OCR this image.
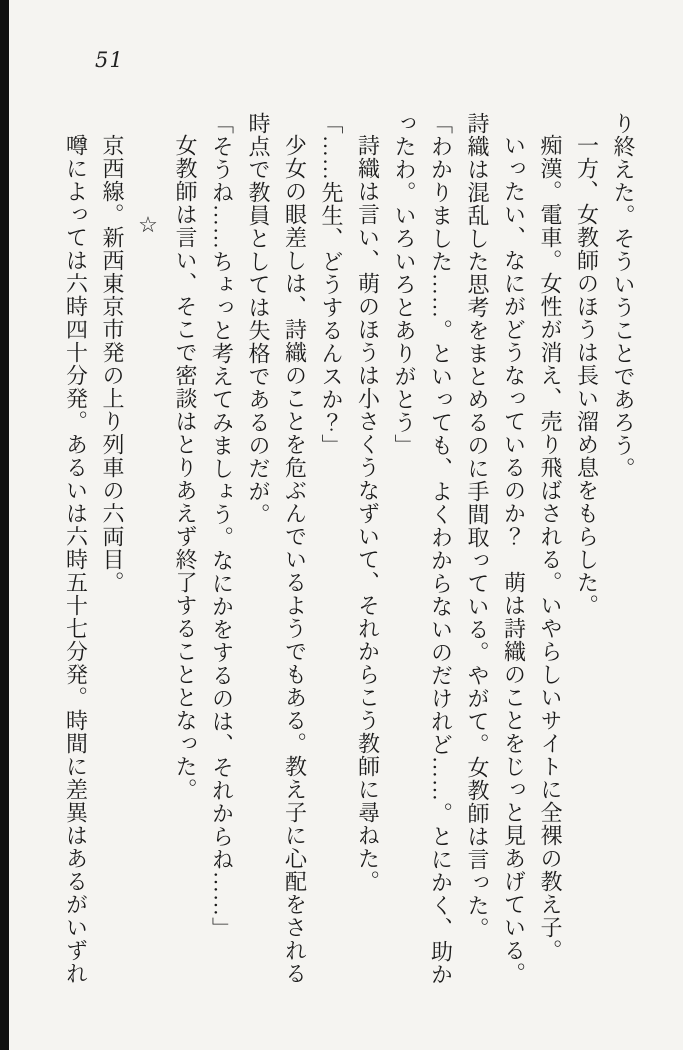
51

り終えた。そういうことであろう。

一方、女教師のほうは長い溜め息をもらした。

痴漢。電車。女性が消え、売り飛ばされる。いやらしいサイトに全裸の教え子。

いったい、なにがどうなっているのか？　萌は詩織のことをじっと見あげている。詩織は混乱した思考をまとめるのに手間取っている。やがて。女教師は言った。

「わかりました……。といっても、よくわからないのだけれど……。とにかく、助かったわ。いろいろとありがとう」

詩織は言い、萌のほうは小さくうなずいて、それからこう教師に尋ねた。

「……先生、どうするんスか？」

少女の眼差しは、詩織のことを危ぶんでいるようでもある。教え子に心配をされる時点で教員としては失格であるのだが。

「そうね……ちょっと考えてみましょう。なにかをするのは、それからね……」

女教師は言い、そこで密談はとりあえず終了することとなった。

☆

京西線。新西東京市発の上り列車の六両目。

噂によっては六時四十分発。あるいは六時五十七分発。時間に差異はあるがいずれ
